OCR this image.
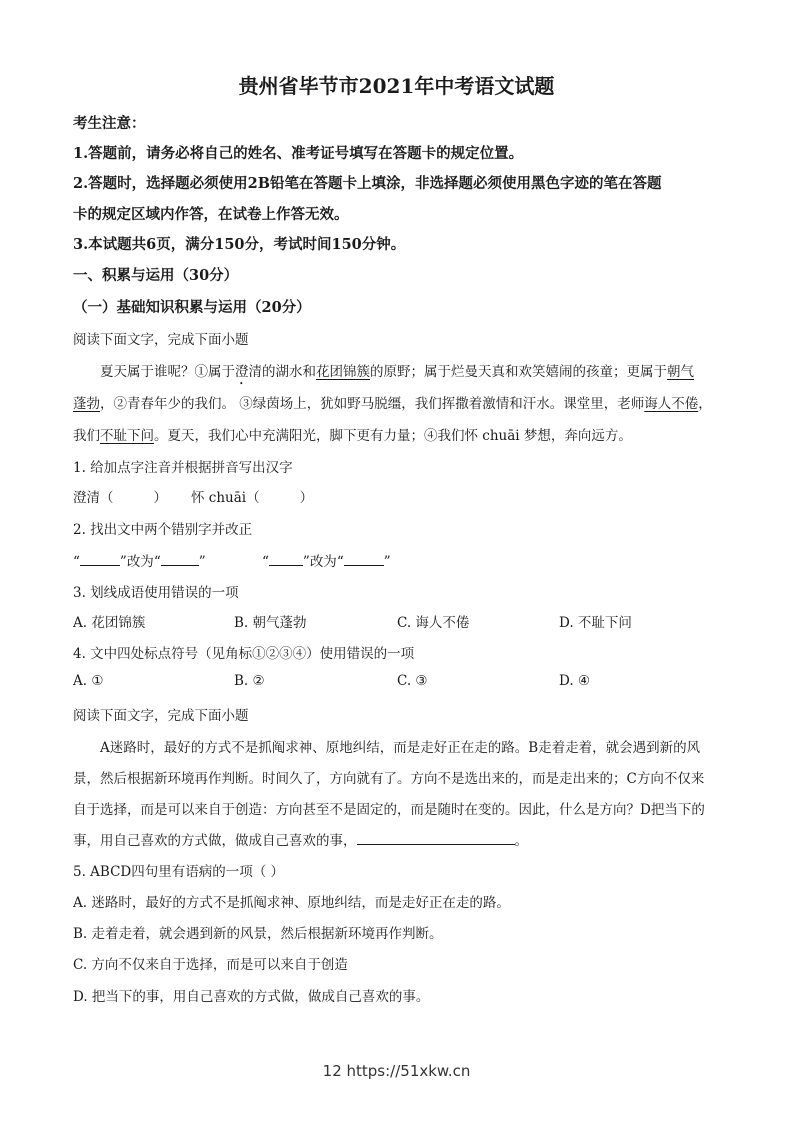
贵州省毕节市2021年中考语文试题
考生注意：
1.答题前，请务必将自己的姓名、准考证号填写在答题卡的规定位置。
2.答题时，选择题必须使用2B铅笔在答题卡上填涂，非选择题必须使用黑色字迹的笔在答题
卡的规定区域内作答，在试卷上作答无效。
3.本试题共6页，满分150分，考试时间150分钟。
一、积累与运用（30分）
（一）基础知识积累与运用（20分）
阅读下面文字，完成下面小题
夏天属于谁呢？①属于澄清的湖水和花团锦簇的原野；属于烂曼天真和欢笑嬉闹的孩童；更属于朝气
蓬勃，②青春年少的我们。 ③绿茵场上，犹如野马脱缰，我们挥撒着激情和汗水。课堂里，老师诲人不倦，
我们不耻下问。夏天，我们心中充满阳光，脚下更有力量；④我们怀 chuāi 梦想，奔向远方。
1. 给加点字注音并根据拼音写出汉字
澄清（	） 怀 chuāi（	）
2. 找出文中两个错别字并改正
“	”改为“	”	“	”改为“	”
3. 划线成语使用错误的一项
A. 花团锦簇	B. 朝气蓬勃	C. 诲人不倦	D. 不耻下问
4. 文中四处标点符号（见角标①②③④）使用错误的一项
A. ①	B. ②	C. ③	D. ④
阅读下面文字，完成下面小题
A迷路时，最好的方式不是抓阄求神、原地纠结，而是走好正在走的路。B走着走着，就会遇到新的风
景，然后根据新环境再作判断。时间久了，方向就有了。方向不是选出来的，而是走出来的；C方向不仅来
自于选择，而是可以来自于创造：方向甚至不是固定的，而是随时在变的。因此，什么是方向？D把当下的
事，用自己喜欢的方式做，做成自己喜欢的事，	。
5. ABCD四句里有语病的一项（ ）
A. 迷路时，最好的方式不是抓阄求神、原地纠结，而是走好正在走的路。
B. 走着走着，就会遇到新的风景，然后根据新环境再作判断。
C. 方向不仅来自于选择，而是可以来自于创造
D. 把当下的事，用自己喜欢的方式做，做成自己喜欢的事。
12 https://51xkw.cn
